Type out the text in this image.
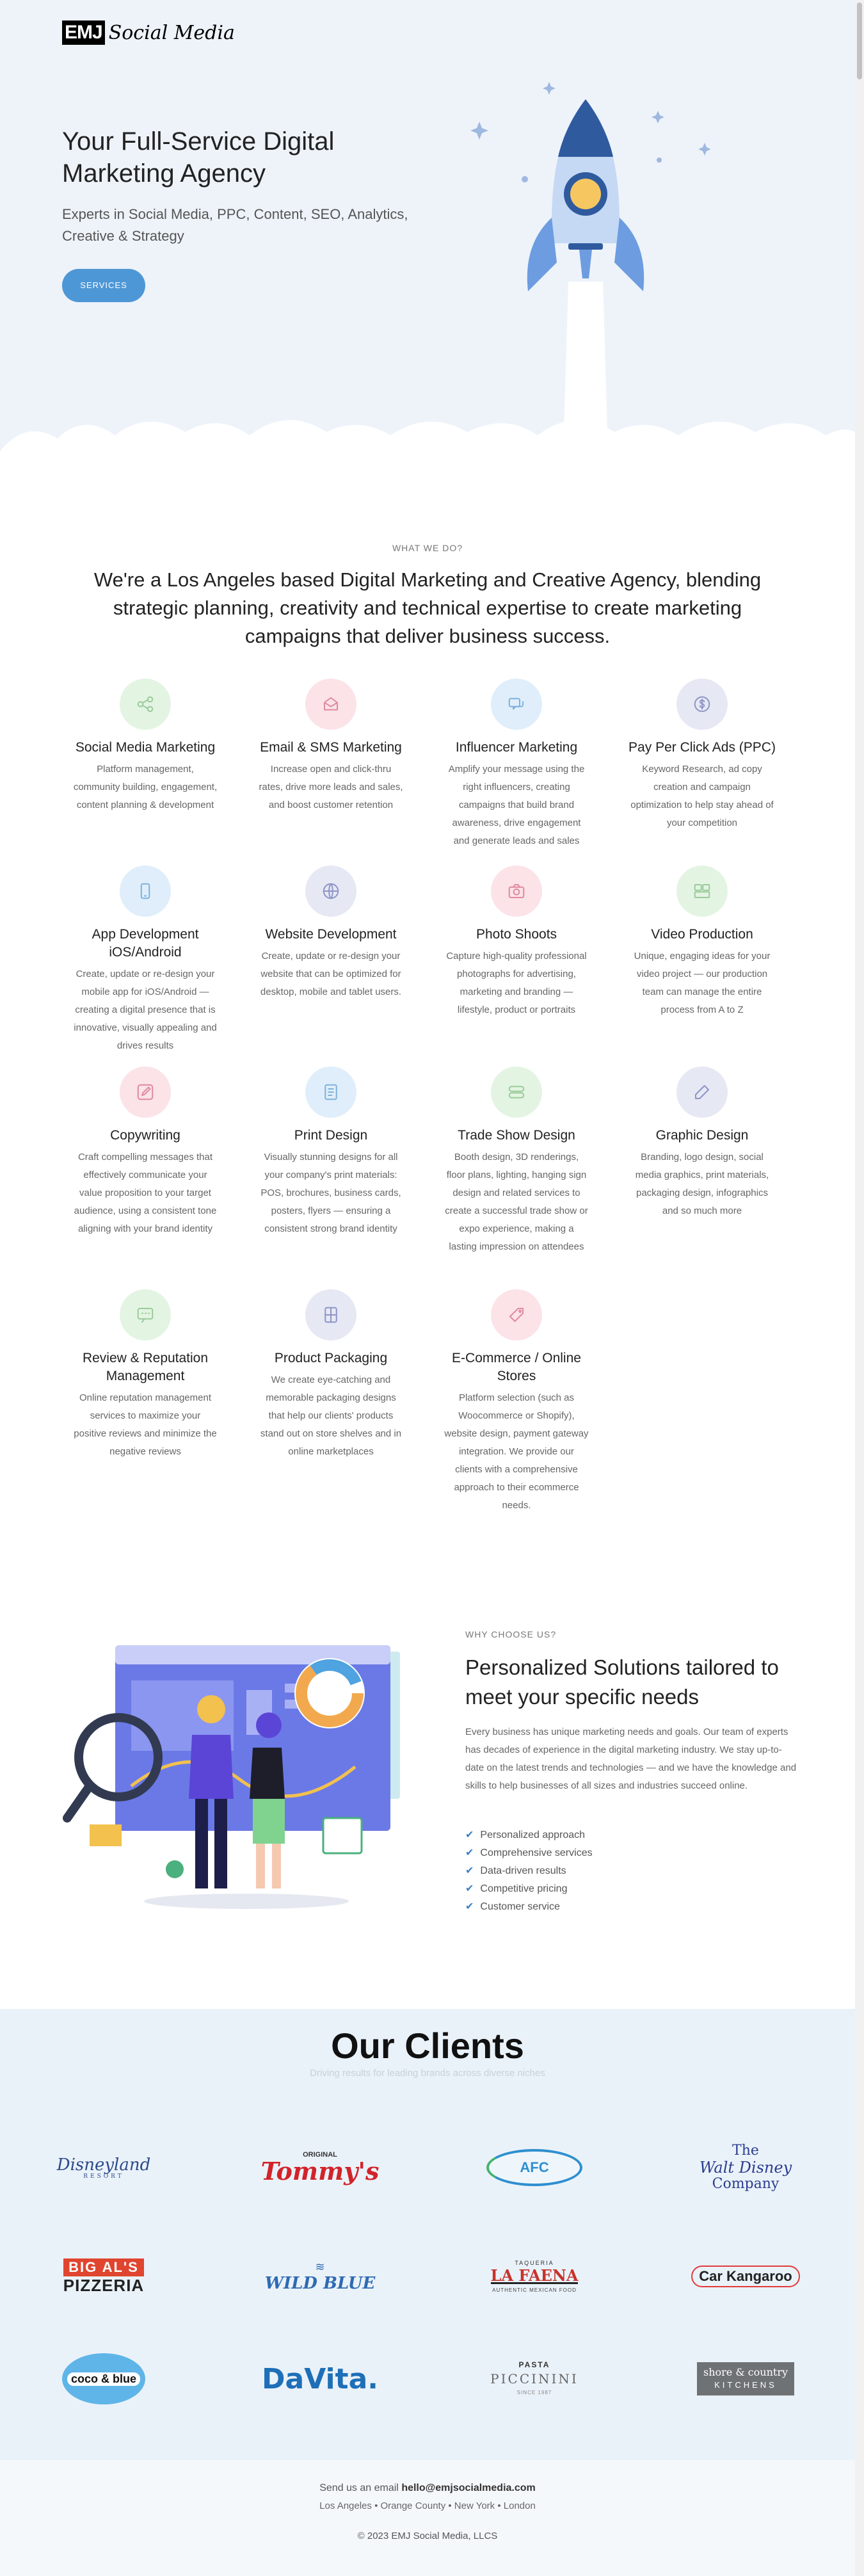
EMJ Social Media
Your Full-Service Digital Marketing Agency

Experts in Social Media, PPC, Content, SEO, Analytics, Creative & Strategy

SERVICES
WHAT WE DO?
We're a Los Angeles based Digital Marketing and Creative Agency, blending strategic planning, creativity and technical expertise to create marketing campaigns that deliver business success.
Social Media Marketing

Platform management, community building, engagement, content planning & development

Email & SMS Marketing

Increase open and click-thru rates, drive more leads and sales, and boost customer retention

Influencer Marketing

Amplify your message using the right influencers, creating campaigns that build brand awareness, drive engagement and generate leads and sales

Pay Per Click Ads (PPC)

Keyword Research, ad copy creation and campaign optimization to help stay ahead of your competition

App Development iOS/Android

Create, update or re-design your mobile app for iOS/Android — creating a digital presence that is innovative, visually appealing and drives results

Website Development

Create, update or re-design your website that can be optimized for desktop, mobile and tablet users.

Photo Shoots

Capture high-quality professional photographs for advertising, marketing and branding — lifestyle, product or portraits

Video Production

Unique, engaging ideas for your video project — our production team can manage the entire process from A to Z

Copywriting

Craft compelling messages that effectively communicate your value proposition to your target audience, using a consistent tone aligning with your brand identity

Print Design

Visually stunning designs for all your company's print materials: POS, brochures, business cards, posters, flyers — ensuring a consistent strong brand identity

Trade Show Design

Booth design, 3D renderings, floor plans, lighting, hanging sign design and related services to create a successful trade show or expo experience, making a lasting impression on attendees

Graphic Design

Branding, logo design, social media graphics, print materials, packaging design, infographics and so much more

Review & Reputation Management

Online reputation management services to maximize your positive reviews and minimize the negative reviews

Product Packaging

We create eye-catching and memorable packaging designs that help our clients' products stand out on store shelves and in online marketplaces

E-Commerce / Online Stores

Platform selection (such as Woocommerce or Shopify), website design, payment gateway integration. We provide our clients with a comprehensive approach to their ecommerce needs.

WHY CHOOSE US?
Personalized Solutions tailored to meet your specific needs

Every business has unique marketing needs and goals. Our team of experts has decades of experience in the digital marketing industry. We stay up-to-date on the latest trends and technologies — and we have the knowledge and skills to help businesses of all sizes and industries succeed online.

✔ Personalized approach
✔ Comprehensive services
✔ Data-driven results
✔ Competitive pricing
✔ Customer service
Our Clients
Driving results for leading brands across diverse niches
Disneyland
RESORT
ORIGINAL
Tommy's	AFC
The
Walt Disney
Company
BIG AL'S
PIZZERIA
≋
WILD BLUE
TAQUERIA
LA FAENA
AUTHENTIC MEXICAN FOOD
Car Kangaroo
coco & blue	DaVita.	PASTA
PICCININI
SINCE 1987
shore & country
KITCHENS
Send us an email hello@emjsocialmedia.com
Los Angeles • Orange County • New York • London
© 2023 EMJ Social Media, LLCS
